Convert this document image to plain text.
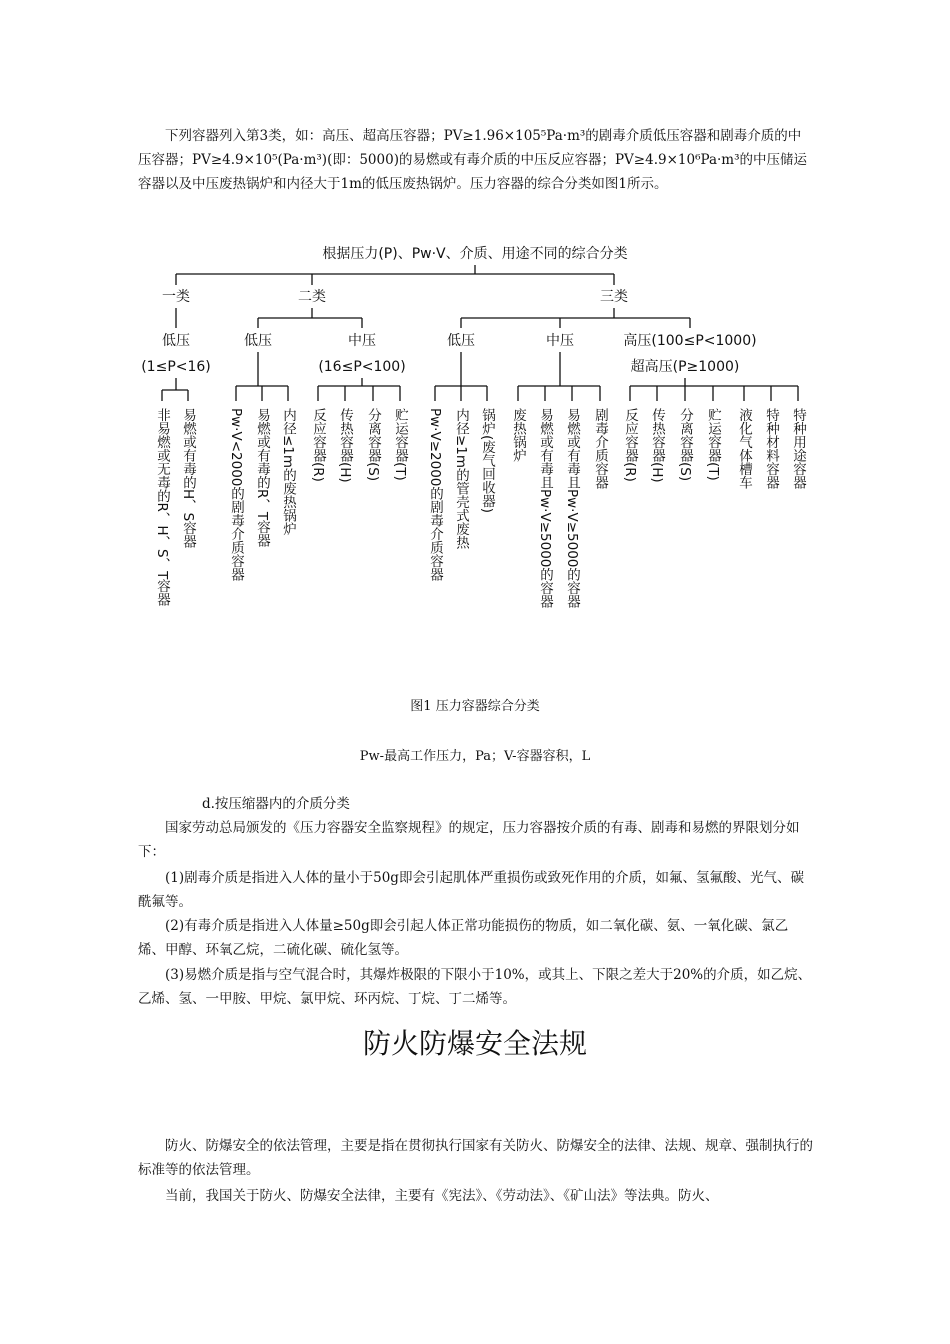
下列容器列入第3类，如：高压、超高压容器；PV≥1.96×105⁵Pa·m³的剧毒介质低压容器和剧毒介质的中压容器；PV≥4.9×10⁵(Pa·m³)(即：5000)的易燃或有毒介质的中压反应容器；PV≥4.9×10⁶Pa·m³的中压储运容器以及中压废热锅炉和内径大于1m的低压废热锅炉。压力容器的综合分类如图1所示。

根据压力(P)、Pw·V、介质、用途不同的综合分类
一类	二类	三类
低压
(1≤P<16)
低压	中压
(16≤P<100)
低压	中压	高压(100≤P<1000)
超高压(P≥1000)
非易燃或无毒的R、H、S、T容器 易燃或有毒的H、S容器 Pw·V<2000的剧毒介质容器 易燃或有毒的R、T容器 内径≤1m的废热锅炉 反应容器(R) 传热容器(H) 分离容器(S) 贮运容器(T) Pw·V≥2000的剧毒介质容器 内径≥1m的管壳式废热 锅炉(废气回收器) 废热锅炉 易燃或有毒且Pw·V≥5000的容器 易燃或有毒且Pw·V≥5000的容器 剧毒介质容器 反应容器(R) 传热容器(H) 分离容器(S) 贮运容器(T) 液化气体槽车 特种材料容器 特种用途容器
图1 压力容器综合分类
Pw-最高工作压力，Pa；V-容器容积，L

d.按压缩器内的介质分类

国家劳动总局颁发的《压力容器安全监察规程》的规定，压力容器按介质的有毒、剧毒和易燃的界限划分如下：

(1)剧毒介质是指进入人体的量小于50g即会引起肌体严重损伤或致死作用的介质，如氟、氢氟酸、光气、碳酰氟等。

(2)有毒介质是指进入人体量≥50g即会引起人体正常功能损伤的物质，如二氧化碳、氨、一氧化碳、氯乙烯、甲醇、环氧乙烷，二硫化碳、硫化氢等。

(3)易燃介质是指与空气混合时，其爆炸极限的下限小于10%，或其上、下限之差大于20%的介质，如乙烷、乙烯、氢、一甲胺、甲烷、氯甲烷、环丙烷、丁烷、丁二烯等。

防火防爆安全法规

防火、防爆安全的依法管理，主要是指在贯彻执行国家有关防火、防爆安全的法律、法规、规章、强制执行的标准等的依法管理。

当前，我国关于防火、防爆安全法律，主要有《宪法》、《劳动法》、《矿山法》等法典。防火、
